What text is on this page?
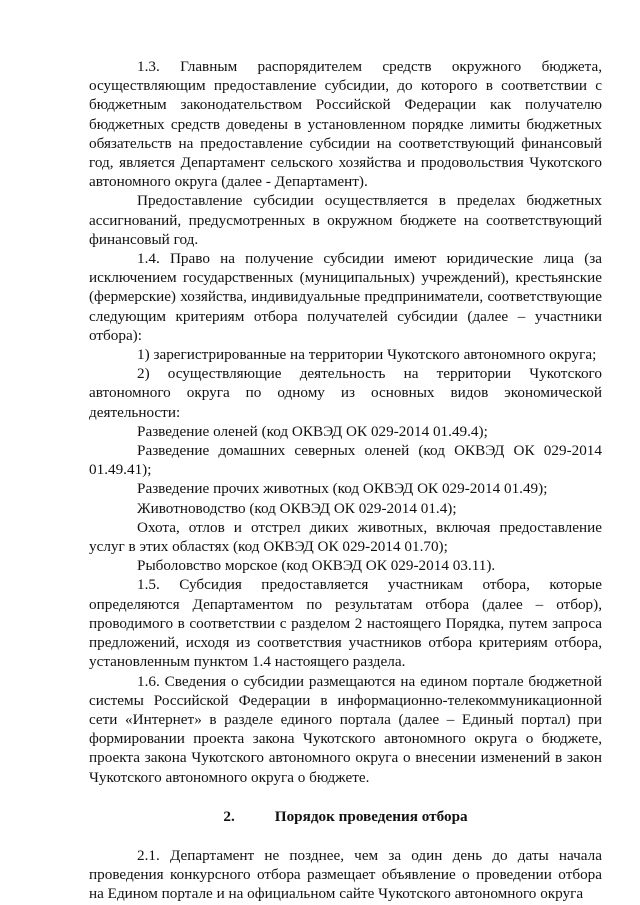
1.3. Главным распорядителем средств окружного бюджета, осуществляющим предоставление субсидии, до которого в соответствии с бюджетным законодательством Российской Федерации как получателю бюджетных средств доведены в установленном порядке лимиты бюджетных обязательств на предоставление субсидии на соответствующий финансовый год, является Департамент сельского хозяйства и продовольствия Чукотского автономного округа (далее - Департамент).

Предоставление субсидии осуществляется в пределах бюджетных ассигнований, предусмотренных в окружном бюджете на соответствующий финансовый год.

1.4. Право на получение субсидии имеют юридические лица (за исключением государственных (муниципальных) учреждений), крестьянские (фермерские) хозяйства, индивидуальные предприниматели, соответствующие следующим критериям отбора получателей субсидии (далее – участники отбора):

1) зарегистрированные на территории Чукотского автономного округа;

2) осуществляющие деятельность на территории Чукотского автономного округа по одному из основных видов экономической деятельности:

Разведение оленей (код ОКВЭД ОК 029-2014 01.49.4);

Разведение домашних северных оленей (код ОКВЭД ОК 029-2014 01.49.41);

Разведение прочих животных (код ОКВЭД ОК 029-2014 01.49);

Животноводство (код ОКВЭД ОК 029-2014 01.4);

Охота, отлов и отстрел диких животных, включая предоставление услуг в этих областях (код ОКВЭД ОК 029-2014 01.70);

Рыболовство морское (код ОКВЭД ОК 029-2014 03.11).

1.5. Субсидия предоставляется участникам отбора, которые определяются Департаментом по результатам отбора (далее – отбор), проводимого в соответствии с разделом 2 настоящего Порядка, путем запроса предложений, исходя из соответствия участников отбора критериям отбора, установленным пунктом 1.4 настоящего раздела.

1.6. Сведения о субсидии размещаются на едином портале бюджетной системы Российской Федерации в информационно-телекоммуникационной сети «Интернет» в разделе единого портала (далее – Единый портал) при формировании проекта закона Чукотского автономного округа о бюджете, проекта закона Чукотского автономного округа о внесении изменений в закон Чукотского автономного округа о бюджете.

2.	Порядок проведения отбора

2.1. Департамент не позднее, чем за один день до даты начала проведения конкурсного отбора размещает объявление о проведении отбора на Едином портале и на официальном сайте Чукотского автономного округа
